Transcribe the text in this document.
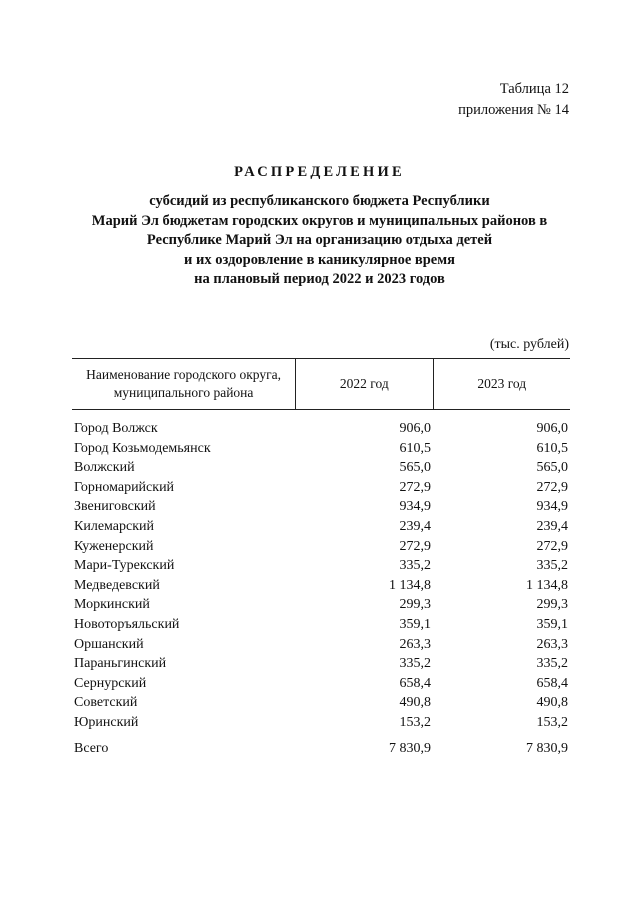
Таблица 12
приложения № 14
РАСПРЕДЕЛЕНИЕ
субсидий из республиканского бюджета Республики
Марий Эл бюджетам городских округов и муниципальных районов в
Республике Марий Эл на организацию отдыха детей
и их оздоровление в каникулярное время
на плановый период 2022 и 2023 годов
(тыс. рублей)
Наименование городского округа,
муниципального района	2022 год	2023 год

Город Волжск	906,0	906,0
Город Козьмодемьянск	610,5	610,5
Волжский	565,0	565,0
Горномарийский	272,9	272,9
Звениговский	934,9	934,9
Килемарский	239,4	239,4
Куженерский	272,9	272,9
Мари-Турекский	335,2	335,2
Медведевский	1 134,8	1 134,8
Моркинский	299,3	299,3
Новоторъяльский	359,1	359,1
Оршанский	263,3	263,3
Параньгинский	335,2	335,2
Сернурский	658,4	658,4
Советский	490,8	490,8
Юринский	153,2	153,2

Всего	7 830,9	7 830,9
